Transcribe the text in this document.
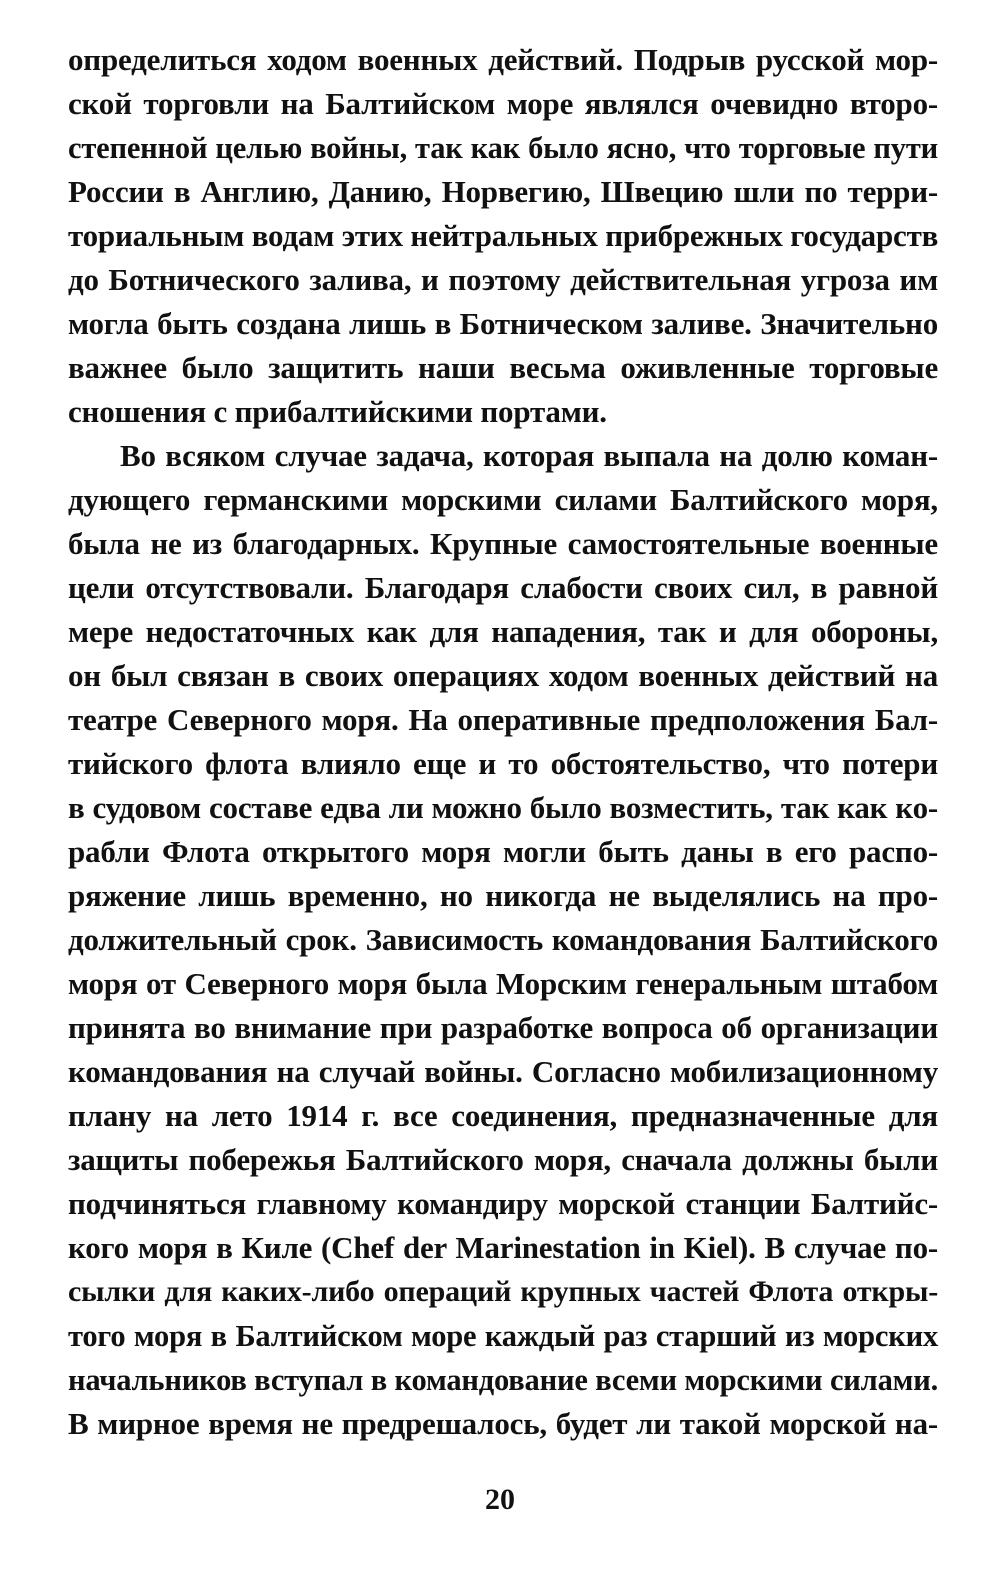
определиться ходом военных действий. Подрыв русской мор-
ской торговли на Балтийском море являлся очевидно второ-
степенной целью войны, так как было ясно, что торговые пути
России в Англию, Данию, Норвегию, Швецию шли по терри-
ториальным водам этих нейтральных прибрежных государств
до Ботнического залива, и поэтому действительная угроза им
могла быть создана лишь в Ботническом заливе. Значительно
важнее было защитить наши весьма оживленные торговые
сношения с прибалтийскими портами.
Во всяком случае задача, которая выпала на долю коман-
дующего германскими морскими силами Балтийского моря,
была не из благодарных. Крупные самостоятельные военные
цели отсутствовали. Благодаря слабости своих сил, в равной
мере недостаточных как для нападения, так и для обороны,
он был связан в своих операциях ходом военных действий на
театре Северного моря. На оперативные предположения Бал-
тийского флота влияло еще и то обстоятельство, что потери
в судовом составе едва ли можно было возместить, так как ко-
рабли Флота открытого моря могли быть даны в его распо-
ряжение лишь временно, но никогда не выделялись на про-
должительный срок. Зависимость командования Балтийского
моря от Северного моря была Морским генеральным штабом
принята во внимание при разработке вопроса об организации
командования на случай войны. Согласно мобилизационному
плану на лето 1914 г. все соединения, предназначенные для
защиты побережья Балтийского моря, сначала должны были
подчиняться главному командиру морской станции Балтийс-
кого моря в Киле (Chef der Marinestation in Kiel). В случае по-
сылки для каких-либо операций крупных частей Флота откры-
того моря в Балтийском море каждый раз старший из морских
начальников вступал в командование всеми морскими силами.
В мирное время не предрешалось, будет ли такой морской на-
20
